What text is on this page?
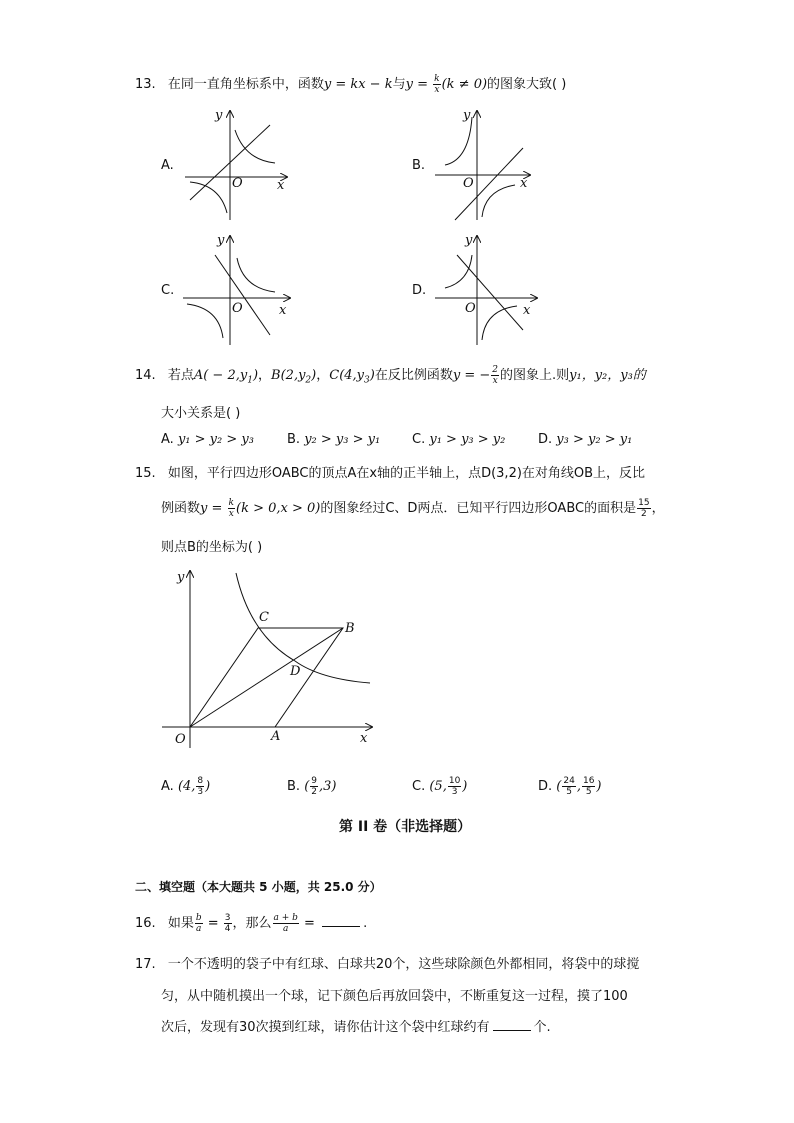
13. 在同一直角坐标系中，函数y = kx − k与$y = \frac{k}{x} (k \ne 0)$的图象大致( )
A.
y
x
O
B.
y
x
O
C.
y
x
O
D.
y
x
O
14. 若点$A( - 2,y_1)$，$B(2,y_2)$，$C(4,y_3)$在反比例函数y = − $\frac{2}{x}$ 的图象上.则y₁，y₂，y₃的
大小关系是( )
A. y₁ > y₂ > y₃	B. y₂ > y₃ > y₁ C. y₁ > y₃ > y₂	D. y₃ > y₂ > y₁
15. 如图，平行四边形OABC的顶点A在x轴的正半轴上，点D(3,2)在对角线OB上，反比
例函数$y = \frac{k}{x} (k > 0,x > 0)$的图象经过C、D两点．已知平行四边形OABC的面积是 $\frac{15}{2}$ ，
则点B的坐标为( )
y
x
O	A
B
C
D
A. (4, $\frac{8}{3}$ )	B. ( $\frac{9}{2} ,3$)	C. (5, $\frac{10}{3}$ )	D. ( $\frac{24}{5}$ , $\frac{16}{5}$ )
第 II 卷（非选择题）
二、填空题（本大题共 5 小题，共 25.0 分）
16. 如果 $\frac{b}{a} = \frac{3}{4}$ ，那么 $\frac{a + b}{a}$ =	.
17. 一个不透明的袋子中有红球、白球共20个，这些球除颜色外都相同，将袋中的球搅
匀，从中随机摸出一个球，记下颜色后再放回袋中，不断重复这一过程，摸了100
次后，发现有30次摸到红球，请你估计这个袋中红球约有	个.
